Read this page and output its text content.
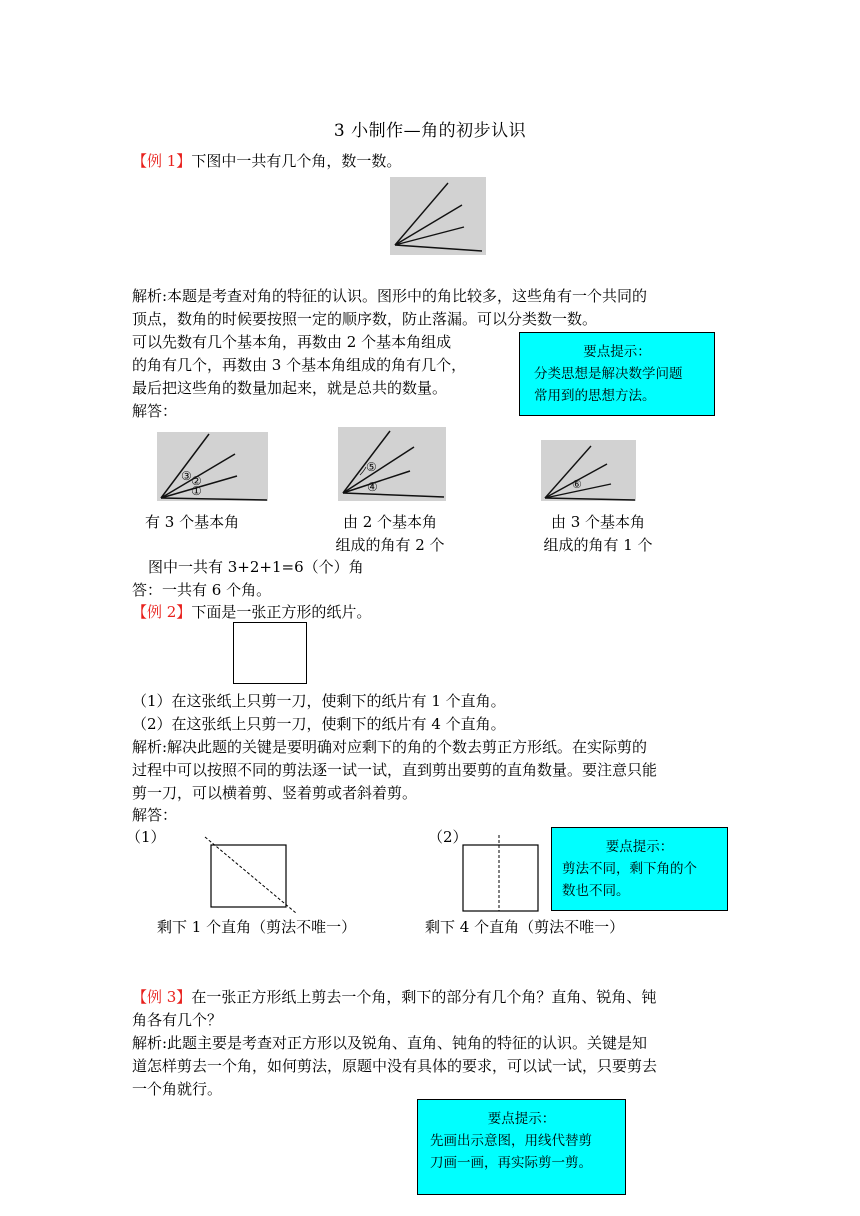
3 小制作—角的初步认识
【例 1】下图中一共有几个角，数一数。
解析:本题是考查对角的特征的认识。图形中的角比较多，这些角有一个共同的
顶点，数角的时候要按照一定的顺序数，防止落漏。可以分类数一数。
可以先数有几个基本角，再数由 2 个基本角组成
的角有几个，再数由 3 个基本角组成的角有几个，
最后把这些角的数量加起来，就是总共的数量。
解答：
要点提示：
分类思想是解决数学问题
常用到的思想方法。
③ ②
①
⑤
④	⑥
有 3 个基本角	由 2 个基本角
组成的角有 2 个
由 3 个基本角
组成的角有 1 个
图中一共有 3+2+1=6（个）角
答：一共有 6 个角。
【例 2】下面是一张正方形的纸片。
（1）在这张纸上只剪一刀，使剩下的纸片有 1 个直角。
（2）在这张纸上只剪一刀，使剩下的纸片有 4 个直角。
解析:解决此题的关键是要明确对应剩下的角的个数去剪正方形纸。在实际剪的
过程中可以按照不同的剪法逐一试一试，直到剪出要剪的直角数量。要注意只能
剪一刀，可以横着剪、竖着剪或者斜着剪。
解答：
（1）	（2）
要点提示：
剪法不同，剩下角的个
数也不同。
剩下 1 个直角（剪法不唯一）	剩下 4 个直角（剪法不唯一）
【例 3】在一张正方形纸上剪去一个角，剩下的部分有几个角？直角、锐角、钝
角各有几个？
解析:此题主要是考查对正方形以及锐角、直角、钝角的特征的认识。关键是知
道怎样剪去一个角，如何剪法，原题中没有具体的要求，可以试一试，只要剪去
一个角就行。
要点提示：
先画出示意图，用线代替剪
刀画一画，再实际剪一剪。
